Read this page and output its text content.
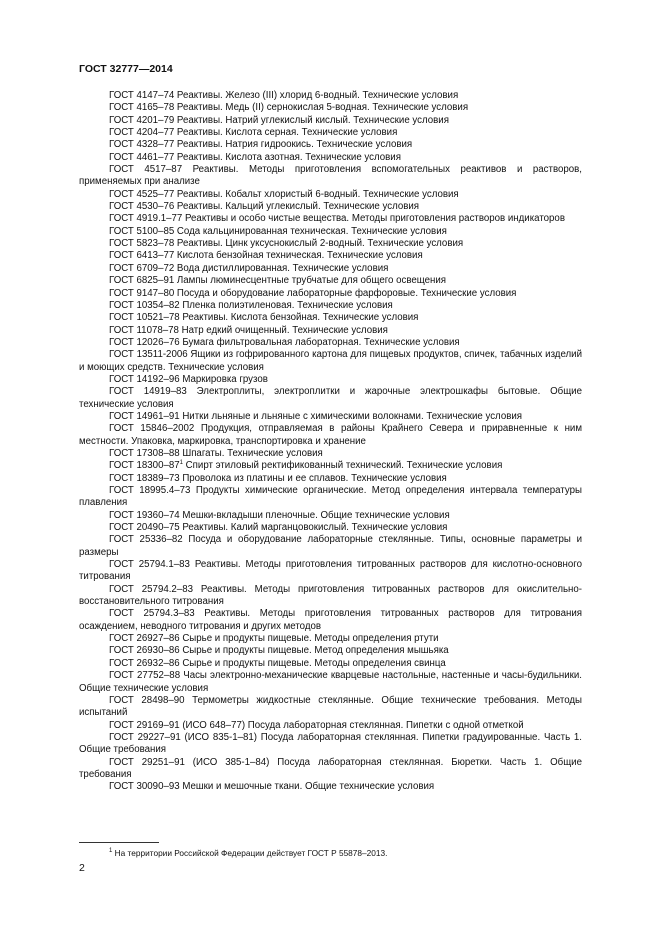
ГОСТ 32777—2014

ГОСТ 4147–74 Реактивы. Железо (III) хлорид 6-водный. Технические условия

ГОСТ 4165–78 Реактивы. Медь (II) сернокислая 5-водная. Технические условия

ГОСТ 4201–79 Реактивы. Натрий углекислый кислый. Технические условия

ГОСТ 4204–77 Реактивы. Кислота серная. Технические условия

ГОСТ 4328–77 Реактивы. Натрия гидроокись. Технические условия

ГОСТ 4461–77 Реактивы. Кислота азотная. Технические условия

ГОСТ 4517–87 Реактивы. Методы приготовления вспомогательных реактивов и растворов, применяемых при анализе

ГОСТ 4525–77 Реактивы. Кобальт хлористый 6-водный. Технические условия

ГОСТ 4530–76 Реактивы. Кальций углекислый. Технические условия

ГОСТ 4919.1–77 Реактивы и особо чистые вещества. Методы приготовления растворов индикаторов

ГОСТ 5100–85 Сода кальцинированная техническая. Технические условия

ГОСТ 5823–78 Реактивы. Цинк уксуснокислый 2-водный. Технические условия

ГОСТ 6413–77 Кислота бензойная техническая. Технические условия

ГОСТ 6709–72 Вода дистиллированная. Технические условия

ГОСТ 6825–91 Лампы люминесцентные трубчатые для общего освещения

ГОСТ 9147–80 Посуда и оборудование лабораторные фарфоровые. Технические условия

ГОСТ 10354–82 Пленка полиэтиленовая. Технические условия

ГОСТ 10521–78 Реактивы. Кислота бензойная. Технические условия

ГОСТ 11078–78 Натр едкий очищенный. Технические условия

ГОСТ 12026–76 Бумага фильтровальная лабораторная. Технические условия

ГОСТ 13511-2006 Ящики из гофрированного картона для пищевых продуктов, спичек, табачных изделий и моющих средств. Технические условия

ГОСТ 14192–96 Маркировка грузов

ГОСТ 14919–83 Электроплиты, электроплитки и жарочные электрошкафы бытовые. Общие технические условия

ГОСТ 14961–91 Нитки льняные и льняные с химическими волокнами. Технические условия

ГОСТ 15846–2002 Продукция, отправляемая в районы Крайнего Севера и приравненные к ним местности. Упаковка, маркировка, транспортировка и хранение

ГОСТ 17308–88 Шпагаты. Технические условия

ГОСТ $18300-87^1$ Спирт этиловый ректификованный технический. Технические условия

ГОСТ 18389–73 Проволока из платины и ее сплавов. Технические условия

ГОСТ 18995.4–73 Продукты химические органические. Метод определения интервала температуры плавления

ГОСТ 19360–74 Мешки-вкладыши пленочные. Общие технические условия

ГОСТ 20490–75 Реактивы. Калий марганцовокислый. Технические условия

ГОСТ 25336–82 Посуда и оборудование лабораторные стеклянные. Типы, основные параметры и размеры

ГОСТ 25794.1–83 Реактивы. Методы приготовления титрованных растворов для кислотно-основного титрования

ГОСТ 25794.2–83 Реактивы. Методы приготовления титрованных растворов для окислительно-восстановительного титрования

ГОСТ 25794.3–83 Реактивы. Методы приготовления титрованных растворов для титрования осаждением, неводного титрования и других методов

ГОСТ 26927–86 Сырье и продукты пищевые. Методы определения ртути

ГОСТ 26930–86 Сырье и продукты пищевые. Метод определения мышьяка

ГОСТ 26932–86 Сырье и продукты пищевые. Методы определения свинца

ГОСТ 27752–88 Часы электронно-механические кварцевые настольные, настенные и часы-будильники. Общие технические условия

ГОСТ 28498–90 Термометры жидкостные стеклянные. Общие технические требования. Методы испытаний

ГОСТ 29169–91 (ИСО 648–77) Посуда лабораторная стеклянная. Пипетки с одной отметкой

ГОСТ 29227–91 (ИСО 835-1–81) Посуда лабораторная стеклянная. Пипетки градуированные. Часть 1. Общие требования

ГОСТ 29251–91 (ИСО 385-1–84) Посуда лабораторная стеклянная. Бюретки. Часть 1. Общие требования

ГОСТ 30090–93 Мешки и мешочные ткани. Общие технические условия

$^1$ На территории Российской Федерации действует ГОСТ Р 55878–2013.
2
